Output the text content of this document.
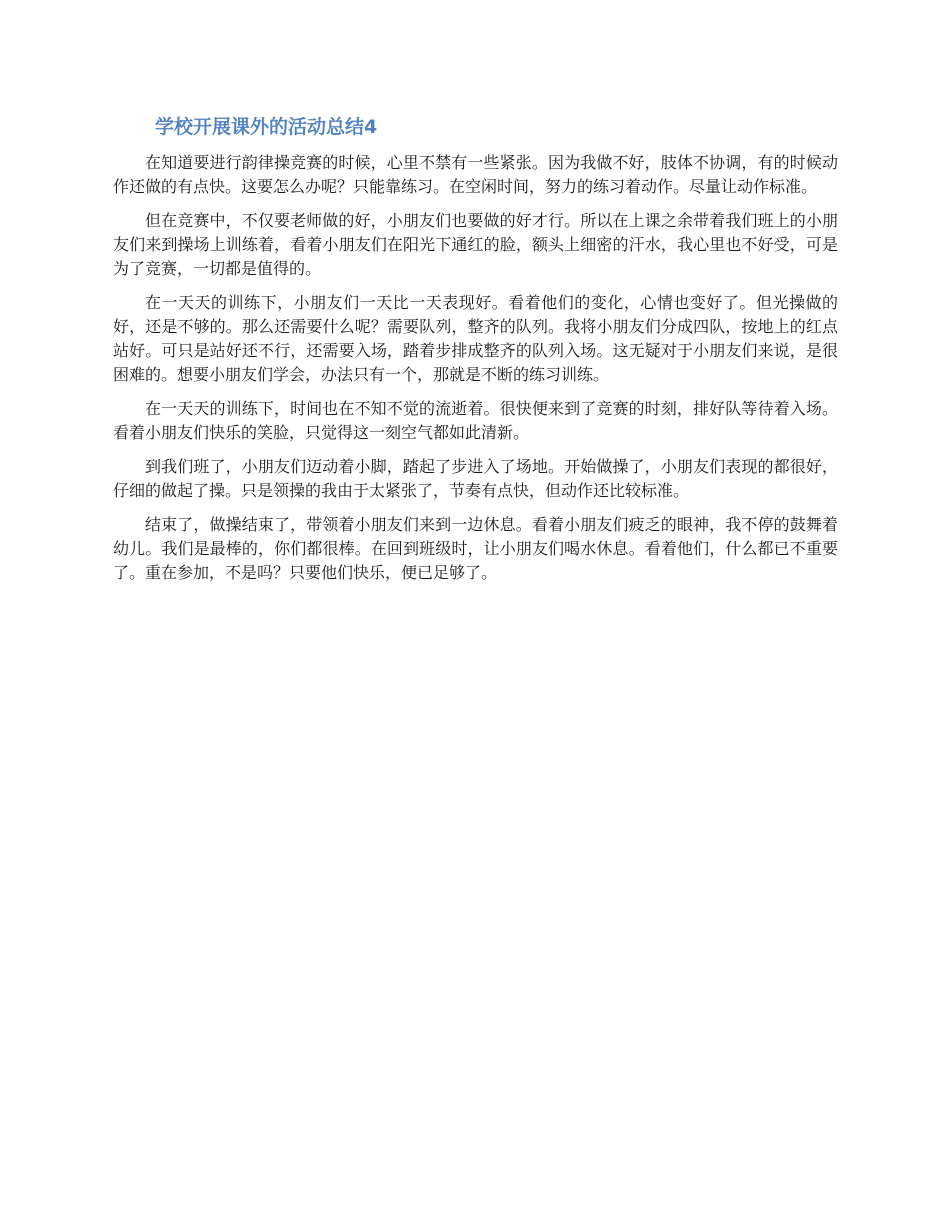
学校开展课外的活动总结4

在知道要进行韵律操竞赛的时候，心里不禁有一些紧张。因为我做不好，肢体不协调，有的时候动作还做的有点快。这要怎么办呢？只能靠练习。在空闲时间，努力的练习着动作。尽量让动作标准。

但在竞赛中，不仅要老师做的好，小朋友们也要做的好才行。所以在上课之余带着我们班上的小朋友们来到操场上训练着，看着小朋友们在阳光下通红的脸，额头上细密的汗水，我心里也不好受，可是为了竞赛，一切都是值得的。

在一天天的训练下，小朋友们一天比一天表现好。看着他们的变化，心情也变好了。但光操做的好，还是不够的。那么还需要什么呢？需要队列，整齐的队列。我将小朋友们分成四队，按地上的红点站好。可只是站好还不行，还需要入场，踏着步排成整齐的队列入场。这无疑对于小朋友们来说，是很困难的。想要小朋友们学会，办法只有一个，那就是不断的练习训练。

在一天天的训练下，时间也在不知不觉的流逝着。很快便来到了竞赛的时刻，排好队等待着入场。看着小朋友们快乐的笑脸，只觉得这一刻空气都如此清新。

到我们班了，小朋友们迈动着小脚，踏起了步进入了场地。开始做操了，小朋友们表现的都很好，仔细的做起了操。只是领操的我由于太紧张了，节奏有点快，但动作还比较标准。

结束了，做操结束了，带领着小朋友们来到一边休息。看着小朋友们疲乏的眼神，我不停的鼓舞着幼儿。我们是最棒的，你们都很棒。在回到班级时，让小朋友们喝水休息。看着他们，什么都已不重要了。重在参加，不是吗？只要他们快乐，便已足够了。
